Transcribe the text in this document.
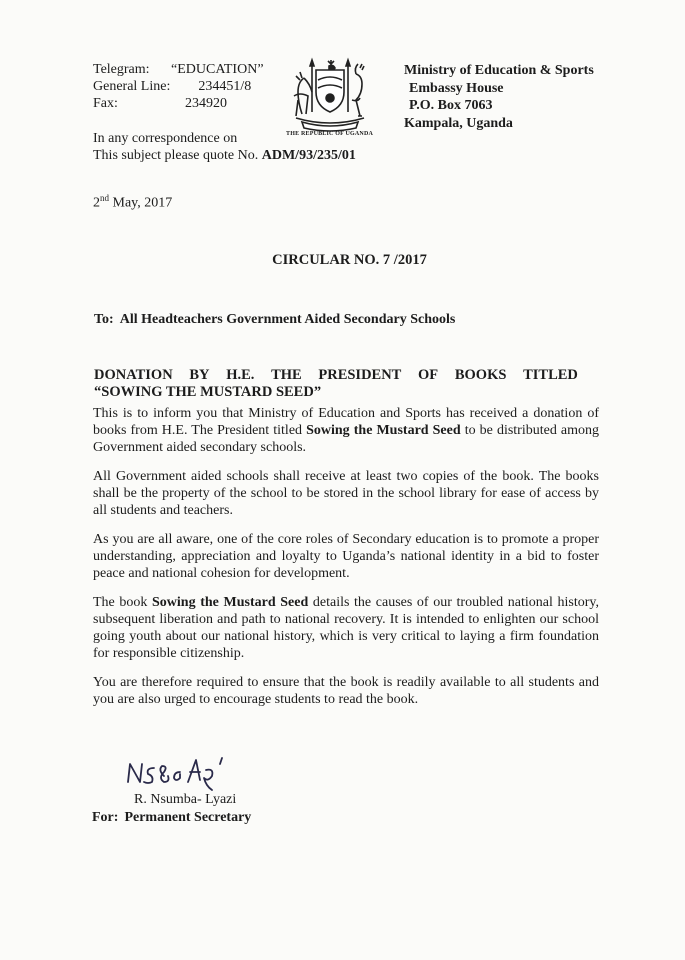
Telegram: “EDUCATION”
General Line: 234451/8
Fax:	234920
In any correspondence on
This subject please quote No. ADM/93/235/01
THE REPUBLIC OF UGANDA
Ministry of Education & Sports
Embassy House
P.O. Box 7063
Kampala, Uganda
2nd May, 2017
CIRCULAR NO. 7 /2017
To: All Headteachers Government Aided Secondary Schools
DONATION BY H.E. THE PRESIDENT OF BOOKS TITLED
“SOWING THE MUSTARD SEED”

This is to inform you that Ministry of Education and Sports has received a donation of books from H.E. The President titled Sowing the Mustard Seed to be distributed among Government aided secondary schools.

All Government aided schools shall receive at least two copies of the book. The books shall be the property of the school to be stored in the school library for ease of access by all students and teachers.

As you are all aware, one of the core roles of Secondary education is to promote a proper understanding, appreciation and loyalty to Uganda’s national identity in a bid to foster peace and national cohesion for development.

The book Sowing the Mustard Seed details the causes of our troubled national history, subsequent liberation and path to national recovery. It is intended to enlighten our school going youth about our national history, which is very critical to laying a firm foundation for responsible citizenship.

You are therefore required to ensure that the book is readily available to all students and you are also urged to encourage students to read the book.

R. Nsumba- Lyazi
For: Permanent Secretary
